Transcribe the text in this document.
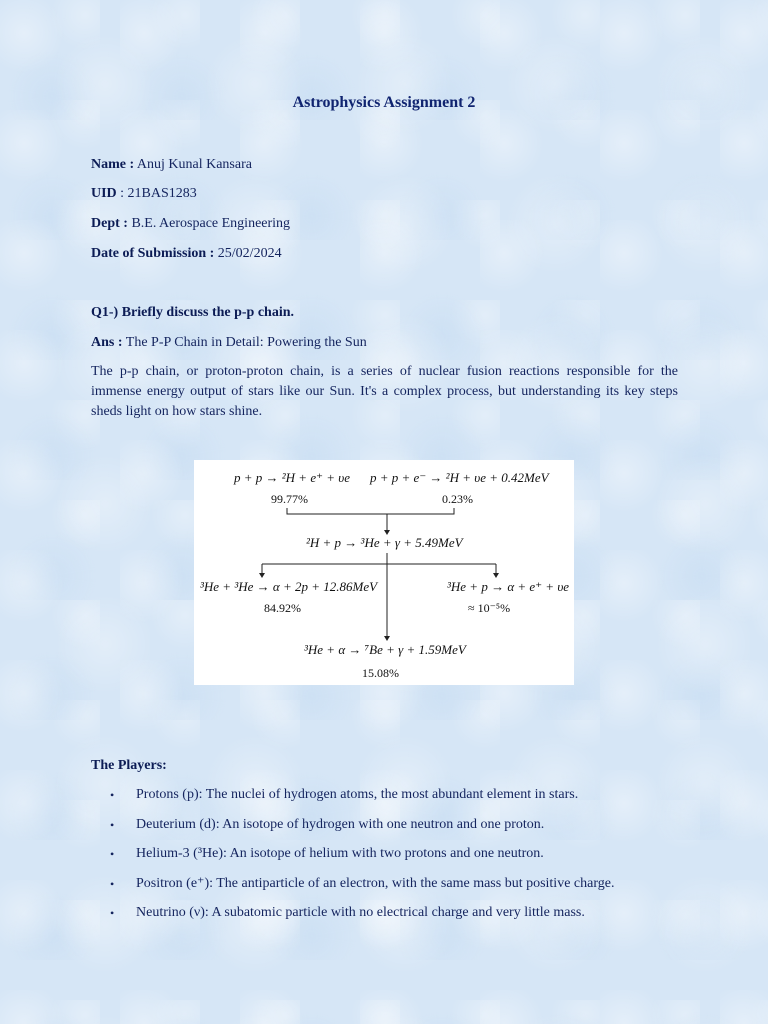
Astrophysics Assignment 2
Name : Anuj Kunal Kansara
UID : 21BAS1283
Dept : B.E. Aerospace Engineering
Date of Submission : 25/02/2024
Q1-) Briefly discuss the p-p chain.
Ans : The P-P Chain in Detail: Powering the Sun
The p-p chain, or proton-proton chain, is a series of nuclear fusion reactions responsible for the immense energy output of stars like our Sun. It's a complex process, but understanding its key steps sheds light on how stars shine.
p + p → ²H + e⁺ + υe
99.77%
p + p + e⁻ → ²H + υe + 0.42MeV
0.23%
²H + p → ³He + γ + 5.49MeV
³He + ³He → α + 2p + 12.86MeV
84.92%
³He + p → α + e⁺ + υe
≈ 10⁻⁵%
³He + α → ⁷Be + γ + 1.59MeV
15.08%
The Players:
• Protons (p): The nuclei of hydrogen atoms, the most abundant element in stars.
• Deuterium (d): An isotope of hydrogen with one neutron and one proton.
• Helium-3 (³He): An isotope of helium with two protons and one neutron.
• Positron (e⁺): The antiparticle of an electron, with the same mass but positive charge.
• Neutrino (ν): A subatomic particle with no electrical charge and very little mass.
